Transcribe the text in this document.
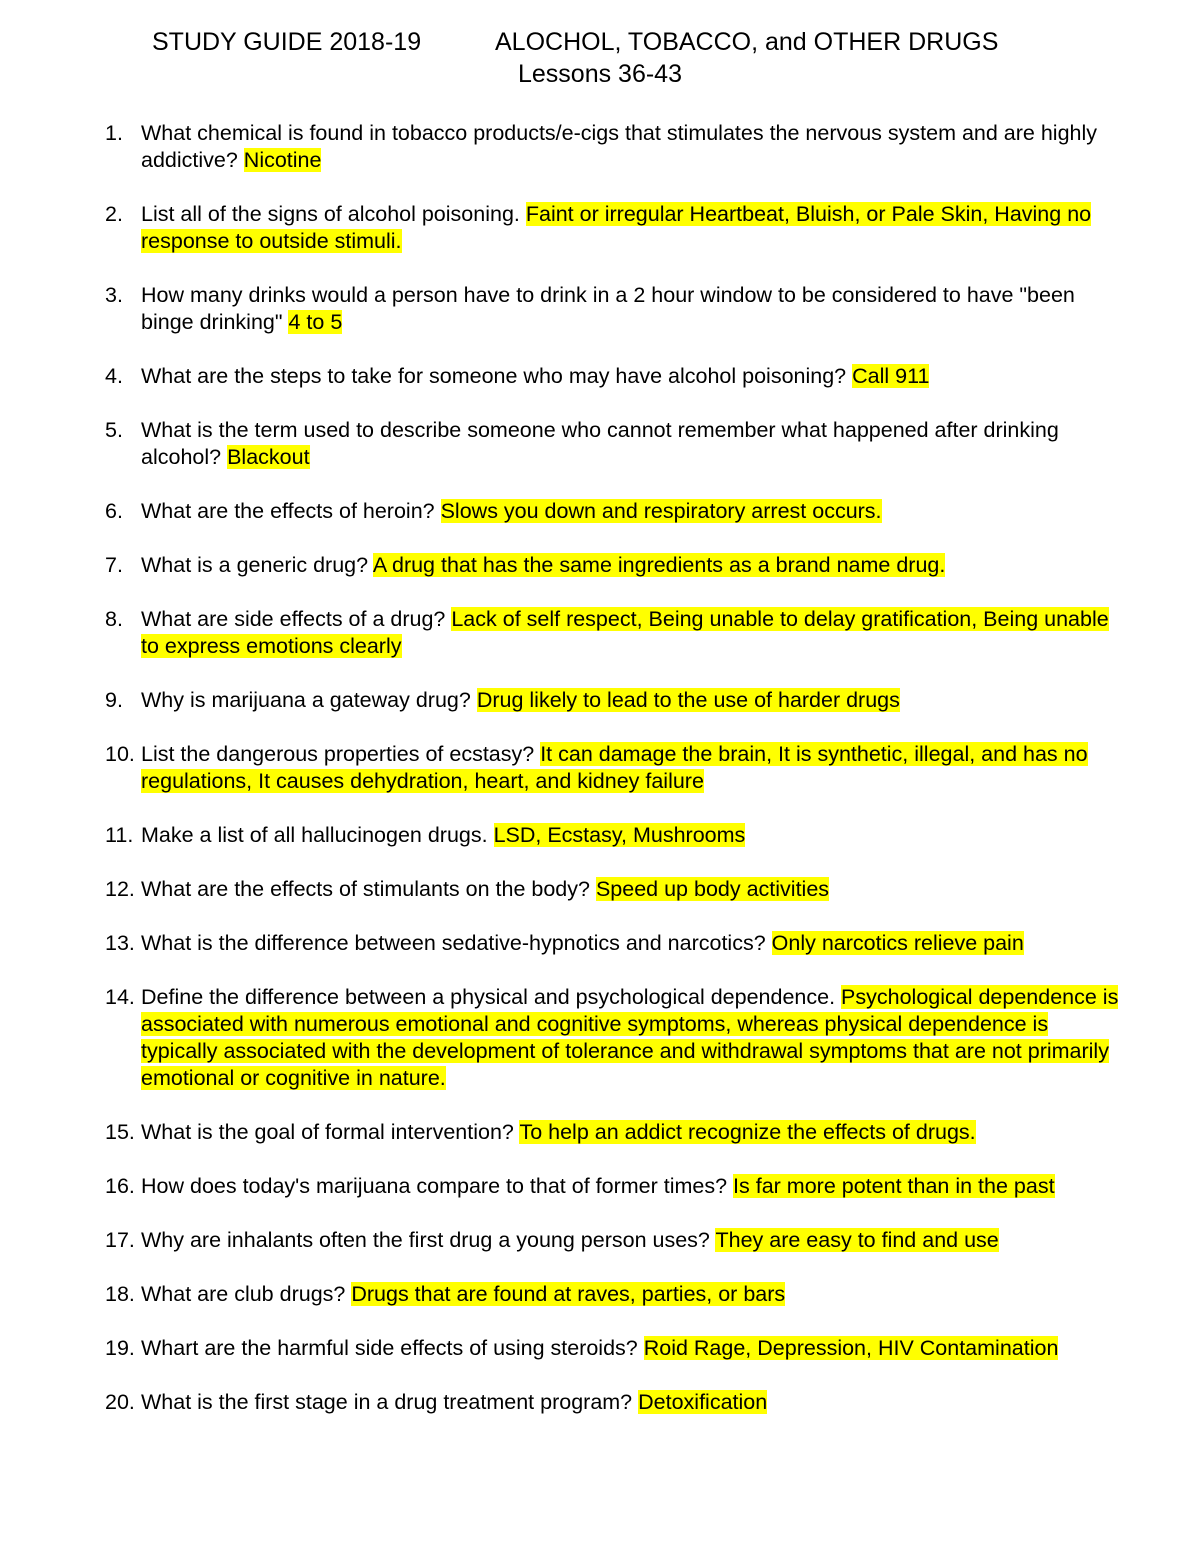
STUDY GUIDE 2018-19	ALOCHOL, TOBACCO, and OTHER DRUGS
Lessons 36-43
1. What chemical is found in tobacco products/e-cigs that stimulates the nervous system and are highly addictive? Nicotine
2. List all of the signs of alcohol poisoning. Faint or irregular Heartbeat, Bluish, or Pale Skin, Having no response to outside stimuli.
3. How many drinks would a person have to drink in a 2 hour window to be considered to have "been binge drinking" 4 to 5
4. What are the steps to take for someone who may have alcohol poisoning? Call 911
5. What is the term used to describe someone who cannot remember what happened after drinking alcohol? Blackout
6. What are the effects of heroin? Slows you down and respiratory arrest occurs.
7. What is a generic drug? A drug that has the same ingredients as a brand name drug.
8. What are side effects of a drug? Lack of self respect, Being unable to delay gratification, Being unable to express emotions clearly
9. Why is marijuana a gateway drug? Drug likely to lead to the use of harder drugs
10. List the dangerous properties of ecstasy? It can damage the brain, It is synthetic, illegal, and has no regulations, It causes dehydration, heart, and kidney failure
11. Make a list of all hallucinogen drugs. LSD, Ecstasy, Mushrooms
12. What are the effects of stimulants on the body? Speed up body activities
13. What is the difference between sedative-hypnotics and narcotics? Only narcotics relieve pain
14. Define the difference between a physical and psychological dependence. Psychological dependence is associated with numerous emotional and cognitive symptoms, whereas physical dependence is typically associated with the development of tolerance and withdrawal symptoms that are not primarily emotional or cognitive in nature.
15. What is the goal of formal intervention? To help an addict recognize the effects of drugs.
16. How does today's marijuana compare to that of former times? Is far more potent than in the past
17. Why are inhalants often the first drug a young person uses? They are easy to find and use
18. What are club drugs? Drugs that are found at raves, parties, or bars
19. Whart are the harmful side effects of using steroids? Roid Rage, Depression, HIV Contamination
20. What is the first stage in a drug treatment program? Detoxification
